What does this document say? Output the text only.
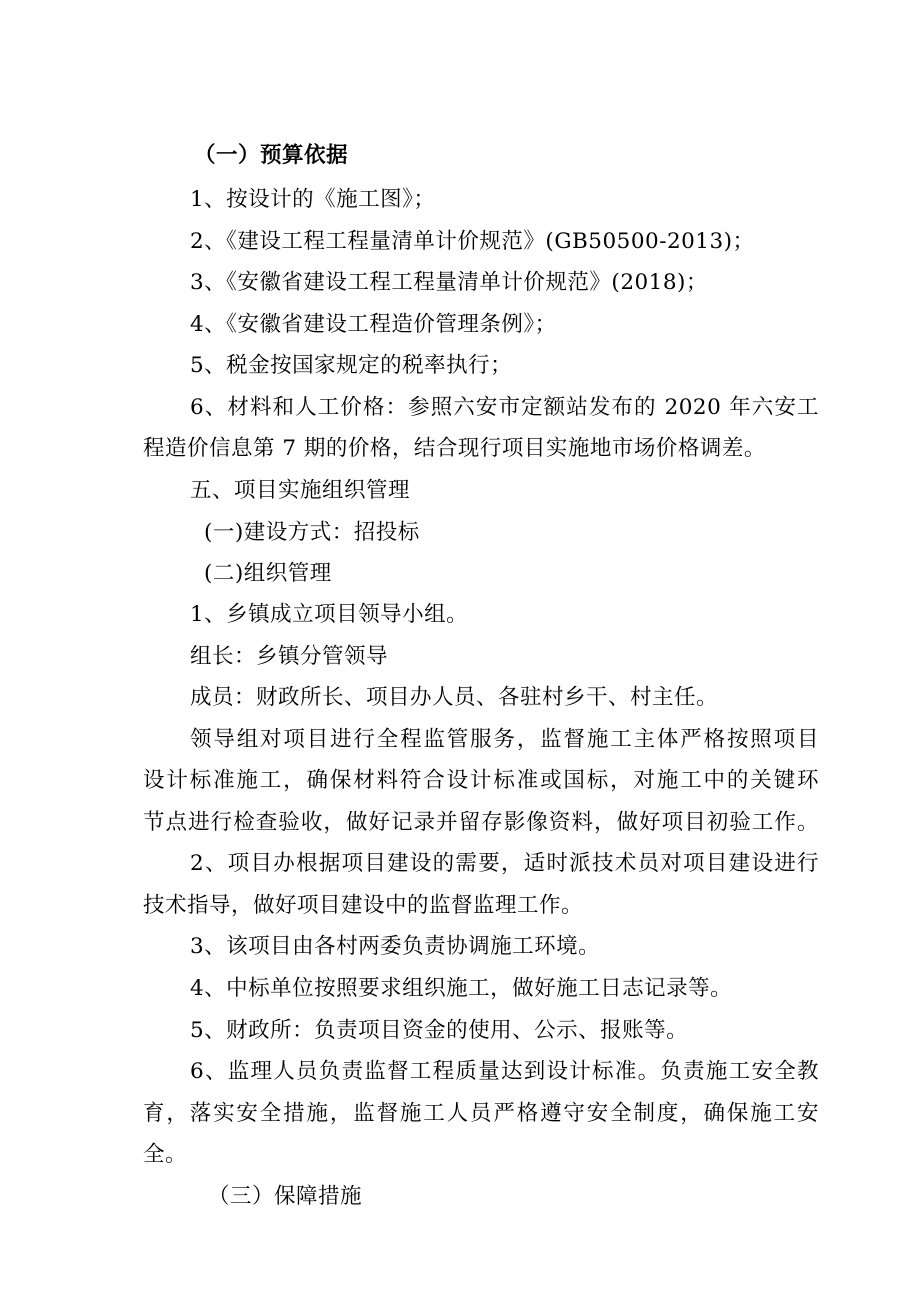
（一）预算依据
1、按设计的《施工图》；
2、《建设工程工程量清单计价规范》(GB50500-2013)；
3、《安徽省建设工程工程量清单计价规范》(2018)；
4、《安徽省建设工程造价管理条例》；
5、税金按国家规定的税率执行；
6、材料和人工价格：参照六安市定额站发布的 2020 年六安工
程造价信息第 7 期的价格，结合现行项目实施地市场价格调差。
五、项目实施组织管理
(一)建设方式：招投标
(二)组织管理
1、乡镇成立项目领导小组。
组长：乡镇分管领导
成员：财政所长、项目办人员、各驻村乡干、村主任。
领导组对项目进行全程监管服务，监督施工主体严格按照项目
设计标准施工，确保材料符合设计标准或国标，对施工中的关键环
节点进行检查验收，做好记录并留存影像资料，做好项目初验工作。
2、项目办根据项目建设的需要，适时派技术员对项目建设进行
技术指导，做好项目建设中的监督监理工作。
3、该项目由各村两委负责协调施工环境。
4、中标单位按照要求组织施工，做好施工日志记录等。
5、财政所：负责项目资金的使用、公示、报账等。
6、监理人员负责监督工程质量达到设计标准。负责施工安全教
育，落实安全措施，监督施工人员严格遵守安全制度，确保施工安
全。
（三）保障措施
